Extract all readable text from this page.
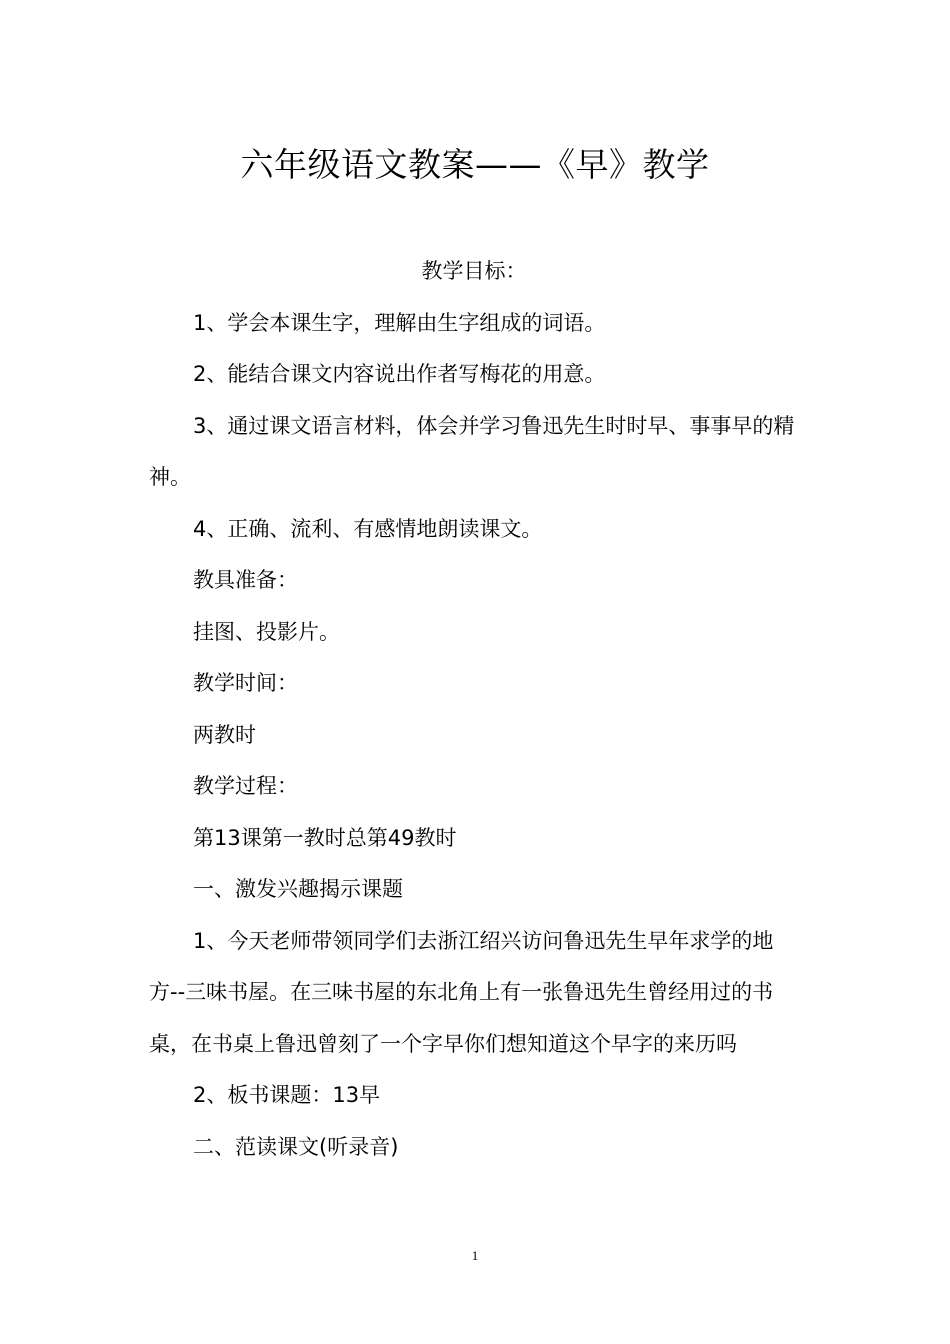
六年级语文教案——《早》教学

教学目标：

1、学会本课生字，理解由生字组成的词语。

2、能结合课文内容说出作者写梅花的用意。

3、通过课文语言材料，体会并学习鲁迅先生时时早、事事早的精神。

4、正确、流利、有感情地朗读课文。

教具准备：

挂图、投影片。

教学时间：

两教时

教学过程：

第13课第一教时总第49教时

一、激发兴趣揭示课题

1、今天老师带领同学们去浙江绍兴访问鲁迅先生早年求学的地方--三味书屋。在三味书屋的东北角上有一张鲁迅先生曾经用过的书桌，在书桌上鲁迅曾刻了一个字早你们想知道这个早字的来历吗

2、板书课题：13早

二、范读课文(听录音)

1
